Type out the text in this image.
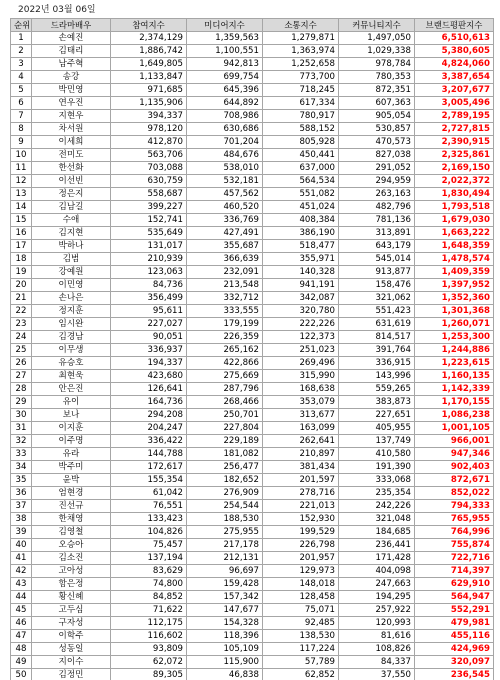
2022년 03월 06일
순위	드라마배우	참여지수	미디어지수	소통지수	커뮤니티지수	브랜드평판지수
1	손예진	2,374,129	1,359,563	1,279,871	1,497,050	6,510,613
2	김태리	1,886,742	1,100,551	1,363,974	1,029,338	5,380,605
3	남주혁	1,649,805	942,813	1,252,658	978,784	4,824,060
4	송강	1,133,847	699,754	773,700	780,353	3,387,654
5	박민영	971,685	645,396	718,245	872,351	3,207,677
6	연우진	1,135,906	644,892	617,334	607,363	3,005,496
7	지현우	394,337	708,986	780,917	905,054	2,789,195
8	차서원	978,120	630,686	588,152	530,857	2,727,815
9	이세희	412,870	701,204	805,928	470,573	2,390,915
10	전미도	563,706	484,676	450,441	827,038	2,325,861
11	한선화	703,088	538,010	637,000	291,052	2,169,150
12	이선빈	630,759	532,181	564,534	294,959	2,022,372
13	정은지	558,687	457,562	551,082	263,163	1,830,494
14	김남길	399,227	460,520	451,024	482,796	1,793,518
15	수애	152,741	336,769	408,384	781,136	1,679,030
16	김지현	535,649	427,491	386,190	313,891	1,663,222
17	박하나	131,017	355,687	518,477	643,179	1,648,359
18	김범	210,939	366,639	355,971	545,014	1,478,574
19	강예원	123,063	232,091	140,328	913,877	1,409,359
20	이민영	84,736	213,548	941,191	158,476	1,397,952
21	손나은	356,499	332,712	342,087	321,062	1,352,360
22	정지훈	95,611	333,555	320,780	551,423	1,301,368
23	임시완	227,027	179,199	222,226	631,619	1,260,071
24	김경남	90,051	226,359	122,373	814,517	1,253,300
25	이무생	336,937	265,162	251,023	391,764	1,244,886
26	유승호	194,337	422,866	269,496	336,915	1,223,615
27	최현욱	423,680	275,669	315,990	143,996	1,160,135
28	안은진	126,641	287,796	168,638	559,265	1,142,339
29	유이	164,736	268,466	353,079	383,873	1,170,155
30	보나	294,208	250,701	313,677	227,651	1,086,238
31	이지훈	204,247	227,804	163,099	405,955	1,001,105
32	이주명	336,422	229,189	262,641	137,749	966,001
33	유라	144,788	181,082	210,897	410,580	947,346
34	박주미	172,617	256,477	381,434	191,390	902,403
35	윤박	155,354	182,652	201,597	333,068	872,671
36	엄현경	61,042	276,909	278,716	235,354	852,022
37	진선규	76,551	254,544	221,013	242,226	794,333
38	한채영	133,423	188,530	152,930	321,048	765,955
39	김영철	104,826	275,955	199,529	184,685	764,996
40	오승아	75,457	217,178	226,798	236,441	755,874
41	김소진	137,194	212,131	201,957	171,428	722,716
42	고아성	83,629	96,697	129,973	404,098	714,397
43	함은정	74,800	159,428	148,018	247,663	629,910
44	황신혜	84,852	157,342	128,458	194,295	564,947
45	고두심	71,622	147,677	75,071	257,922	552,291
46	구자성	112,175	154,328	92,485	120,993	479,981
47	이학주	116,602	118,396	138,530	81,616	455,116
48	성동일	93,809	105,109	117,224	108,826	424,969
49	지이수	62,072	115,900	57,789	84,337	320,097
50	김정민	89,305	46,838	62,852	37,550	236,545
